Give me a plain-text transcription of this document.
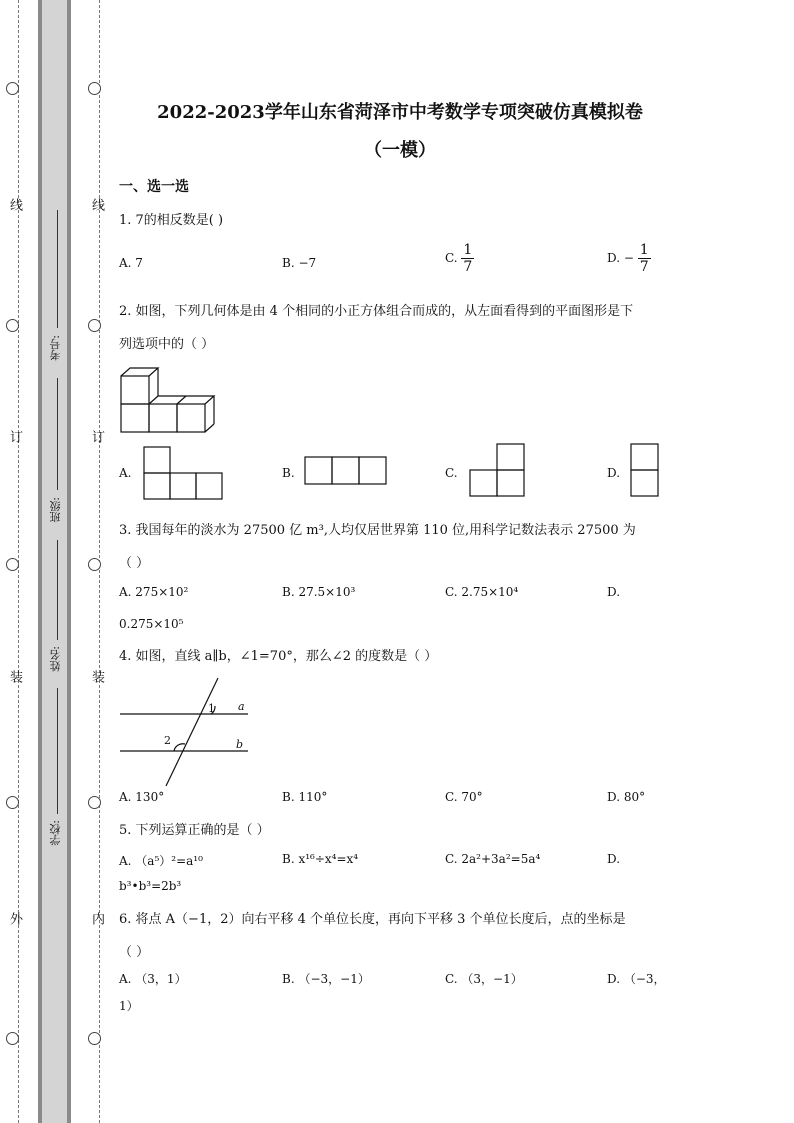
线
订
装
外
线
订
装
内
考号:
班级:
姓名:
学校:
2022-2023学年山东省菏泽市中考数学专项突破仿真模拟卷
（一模）
一、选一选
1. 7的相反数是( )
A. 7	B. −7	C. $\frac{1}{7}$	D. − $\frac{1}{7}$
2. 如图，下列几何体是由 4 个相同的小正方体组合而成的，从左面看得到的平面图形是下
列选项中的（ ）
A.	B.	C.	D.
3. 我国每年的淡水为 27500 亿 m³,人均仅居世界第 110 位,用科学记数法表示 27500 为
（ ）
A. 275×10²	B. 27.5×10³	C. 2.75×10⁴	D.
0.275×10⁵
4. 如图，直线 a∥b，∠1=70°，那么∠2 的度数是（ ）
1 a
2	b
A. 130°	B. 110°	C. 70°	D. 80°
5. 下列运算正确的是（ ）
A. （a⁵）²=a¹⁰	B. x¹⁶÷x⁴=x⁴	C. 2a²+3a²=5a⁴	D.
b³•b³=2b³
6. 将点 A（−1，2）向右平移 4 个单位长度，再向下平移 3 个单位长度后，点的坐标是
（ ）
A. （3，1）	B. （−3，−1）	C. （3，−1）	D. （−3，
1）
